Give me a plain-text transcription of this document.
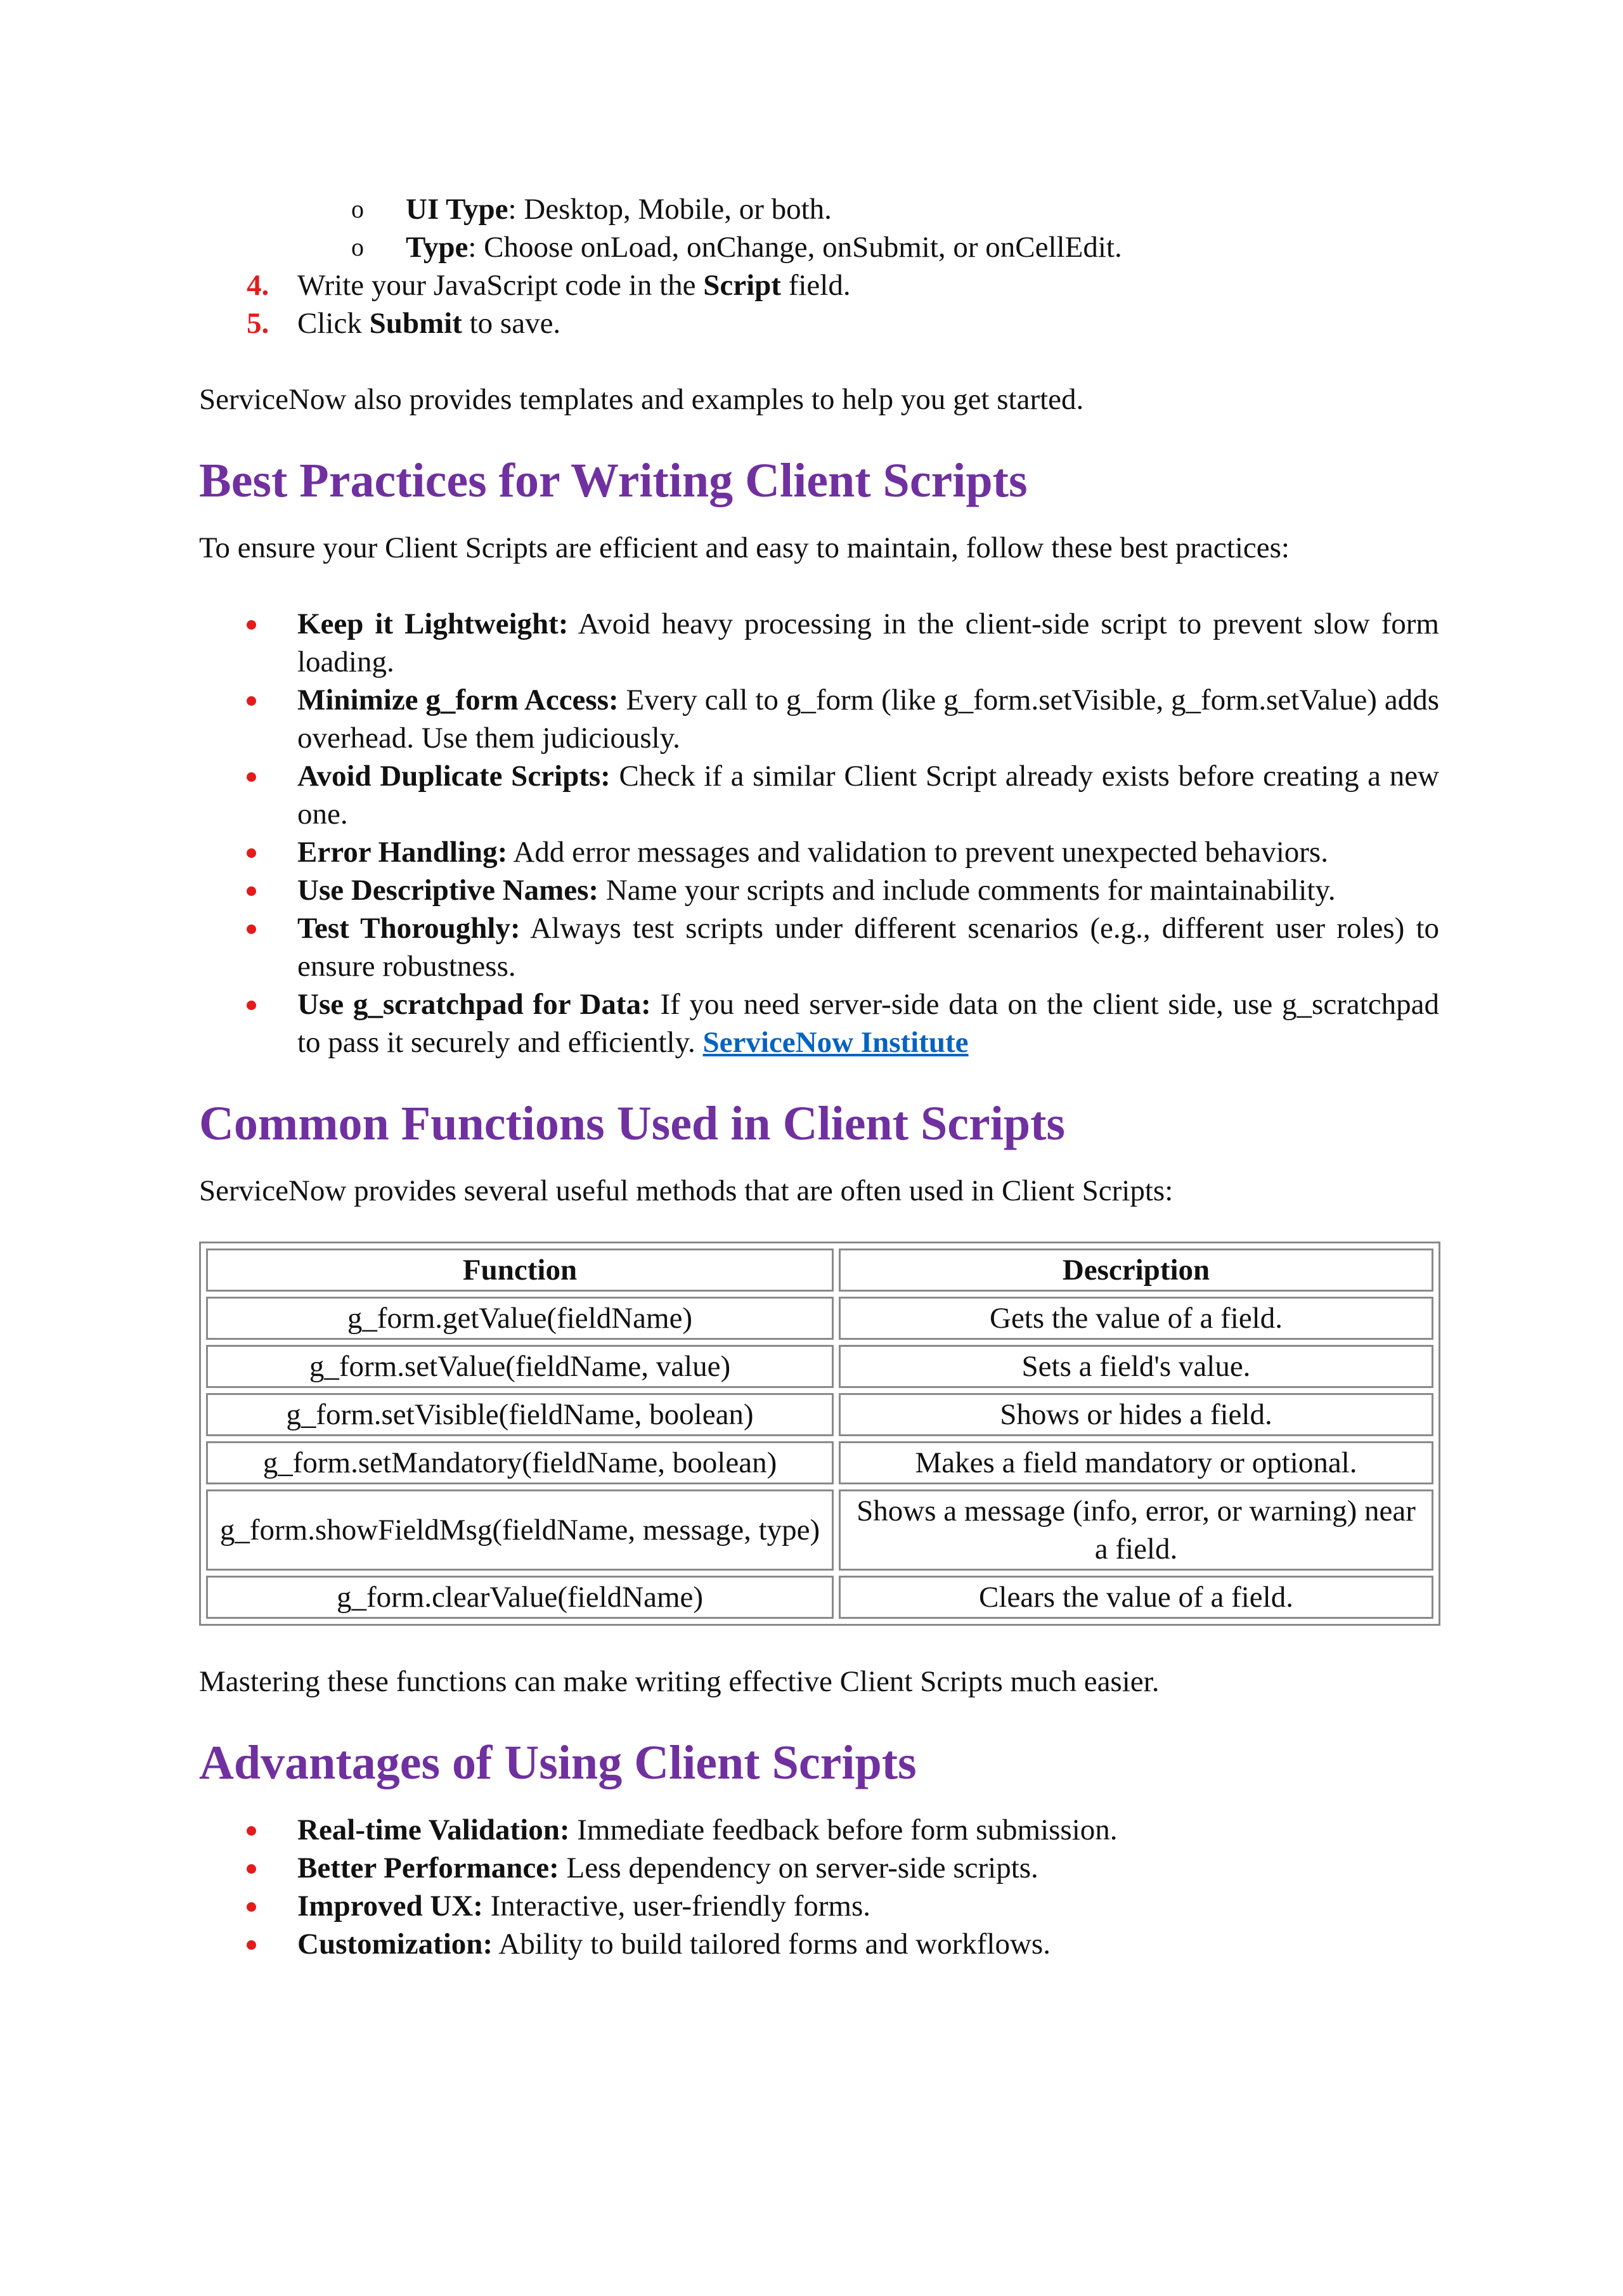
o UI Type: Desktop, Mobile, or both.
o Type: Choose onLoad, onChange, onSubmit, or onCellEdit.
4. Write your JavaScript code in the Script field.
5. Click Submit to save.

ServiceNow also provides templates and examples to help you get started.

Best Practices for Writing Client Scripts

To ensure your Client Scripts are efficient and easy to maintain, follow these best practices:

Keep it Lightweight: Avoid heavy processing in the client-side script to prevent slow form loading.
Minimize g_form Access: Every call to g_form (like g_form.setVisible, g_form.setValue) adds overhead. Use them judiciously.
Avoid Duplicate Scripts: Check if a similar Client Script already exists before creating a new one.
Error Handling: Add error messages and validation to prevent unexpected behaviors.
Use Descriptive Names: Name your scripts and include comments for maintainability.
Test Thoroughly: Always test scripts under different scenarios (e.g., different user roles) to ensure robustness.
Use g_scratchpad for Data: If you need server-side data on the client side, use g_scratchpad to pass it securely and efficiently. ServiceNow Institute
Common Functions Used in Client Scripts

ServiceNow provides several useful methods that are often used in Client Scripts:

Function	Description
g_form.getValue(fieldName)	Gets the value of a field.
g_form.setValue(fieldName, value)	Sets a field's value.
g_form.setVisible(fieldName, boolean)	Shows or hides a field.
g_form.setMandatory(fieldName, boolean)	Makes a field mandatory or optional.
g_form.showFieldMsg(fieldName, message, type)	Shows a message (info, error, or warning) near a field.
g_form.clearValue(fieldName)	Clears the value of a field.

Mastering these functions can make writing effective Client Scripts much easier.

Advantages of Using Client Scripts
Real-time Validation: Immediate feedback before form submission.
Better Performance: Less dependency on server-side scripts.
Improved UX: Interactive, user-friendly forms.
Customization: Ability to build tailored forms and workflows.
